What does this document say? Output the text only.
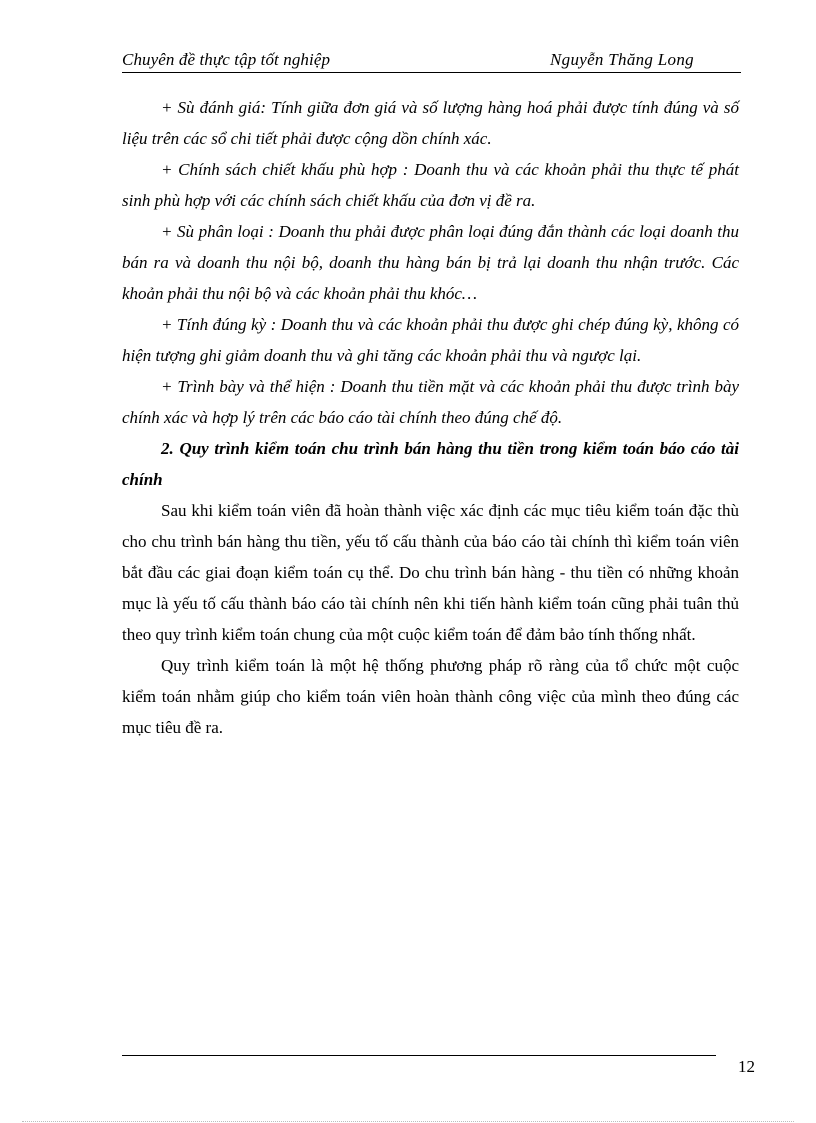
Chuyên đề thực tập tốt nghiệp	Nguyễn Thăng Long

+ Sù đánh giá: Tính giữa đơn giá và số lượng hàng hoá phải được tính đúng và số liệu trên các sổ chi tiết phải được cộng dồn chính xác.

+ Chính sách chiết khấu phù hợp : Doanh thu và các khoản phải thu thực tế phát sinh phù hợp với các chính sách chiết khấu của đơn vị đề ra.

+ Sù phân loại : Doanh thu phải được phân loại đúng đắn thành các loại doanh thu bán ra và doanh thu nội bộ, doanh thu hàng bán bị trả lại doanh thu nhận trước. Các khoản phải thu nội bộ và các khoản phải thu khóc…

+ Tính đúng kỳ : Doanh thu và các khoản phải thu được ghi chép đúng kỳ, không có hiện tượng ghi giảm doanh thu và ghi tăng các khoản phải thu và ngược lại.

+ Trình bày và thể hiện : Doanh thu tiền mặt và các khoản phải thu được trình bày chính xác và hợp lý trên các báo cáo tài chính theo đúng chế độ.

2. Quy trình kiểm toán chu trình bán hàng thu tiền trong kiểm toán báo cáo tài chính

Sau khi kiểm toán viên đã hoàn thành việc xác định các mục tiêu kiểm toán đặc thù cho chu trình bán hàng thu tiền, yếu tố cấu thành của báo cáo tài chính thì kiểm toán viên bắt đầu các giai đoạn kiểm toán cụ thể. Do chu trình bán hàng - thu tiền có những khoản mục là yếu tố cấu thành báo cáo tài chính nên khi tiến hành kiểm toán cũng phải tuân thủ theo quy trình kiểm toán chung của một cuộc kiểm toán để đảm bảo tính thống nhất.

Quy trình kiểm toán là một hệ thống phương pháp rõ ràng của tổ chức một cuộc kiểm toán nhằm giúp cho kiểm toán viên hoàn thành công việc của mình theo đúng các mục tiêu đề ra.

12
